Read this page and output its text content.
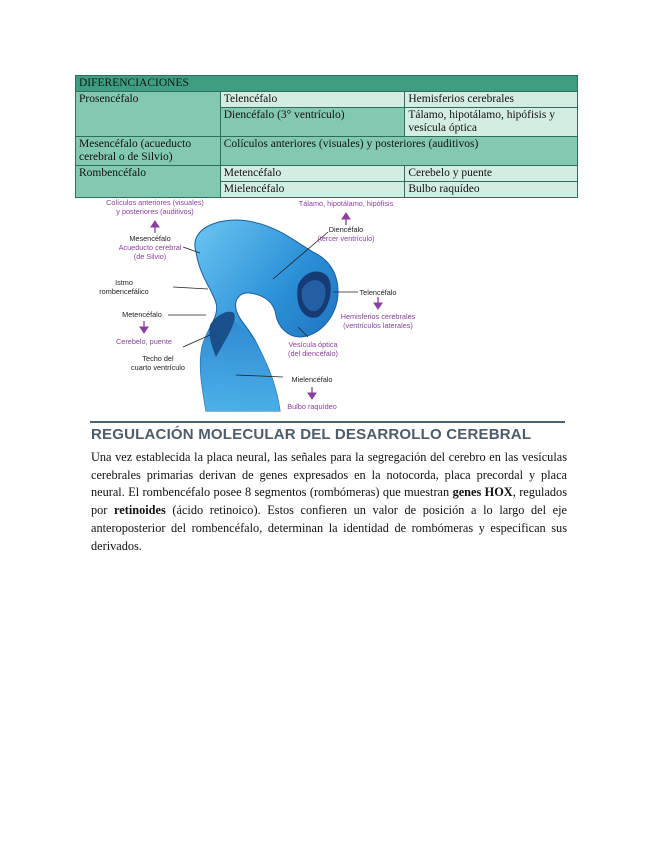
DIFERENCIACIONES		
Prosencéfalo	Telencéfalo	Hemisferios cerebrales
	Diencéfalo (3° ventrículo)	Tálamo, hipotálamo, hipófisis y vesícula óptica
Mesencéfalo (acueducto cerebral o de Silvio)	Colículos anteriores (visuales) y posteriores (auditivos)	
Rombencéfalo	Metencéfalo	Cerebelo y puente
	Mielencéfalo	Bulbo raquídeo
Colículos anteriores (visuales)
y posteriores (auditivos)
Mesencéfalo
Acueducto cerebral
(de Silvio)
Istmo
rombencefálico
Metencéfalo
Cerebelo, puente
Techo del
cuarto ventrículo
Tálamo, hipotálamo, hipófisis
Diencéfalo
(tercer ventrículo)
Telencéfalo
Hemisferios cerebrales
(ventrículos laterales)
Vesícula óptica
(del diencéfalo)
Mielencéfalo
Bulbo raquídeo
REGULACIÓN MOLECULAR DEL DESARROLLO CEREBRAL

Una vez establecida la placa neural, las señales para la segregación del cerebro en las vesículas cerebrales primarias derivan de genes expresados en la notocorda, placa precordal y placa neural. El rombencéfalo posee 8 segmentos (rombómeras) que muestran genes HOX, regulados por retinoides (ácido retinoico). Estos confieren un valor de posición a lo largo del eje anteroposterior del rombencéfalo, determinan la identidad de rombómeras y especifican sus derivados.
